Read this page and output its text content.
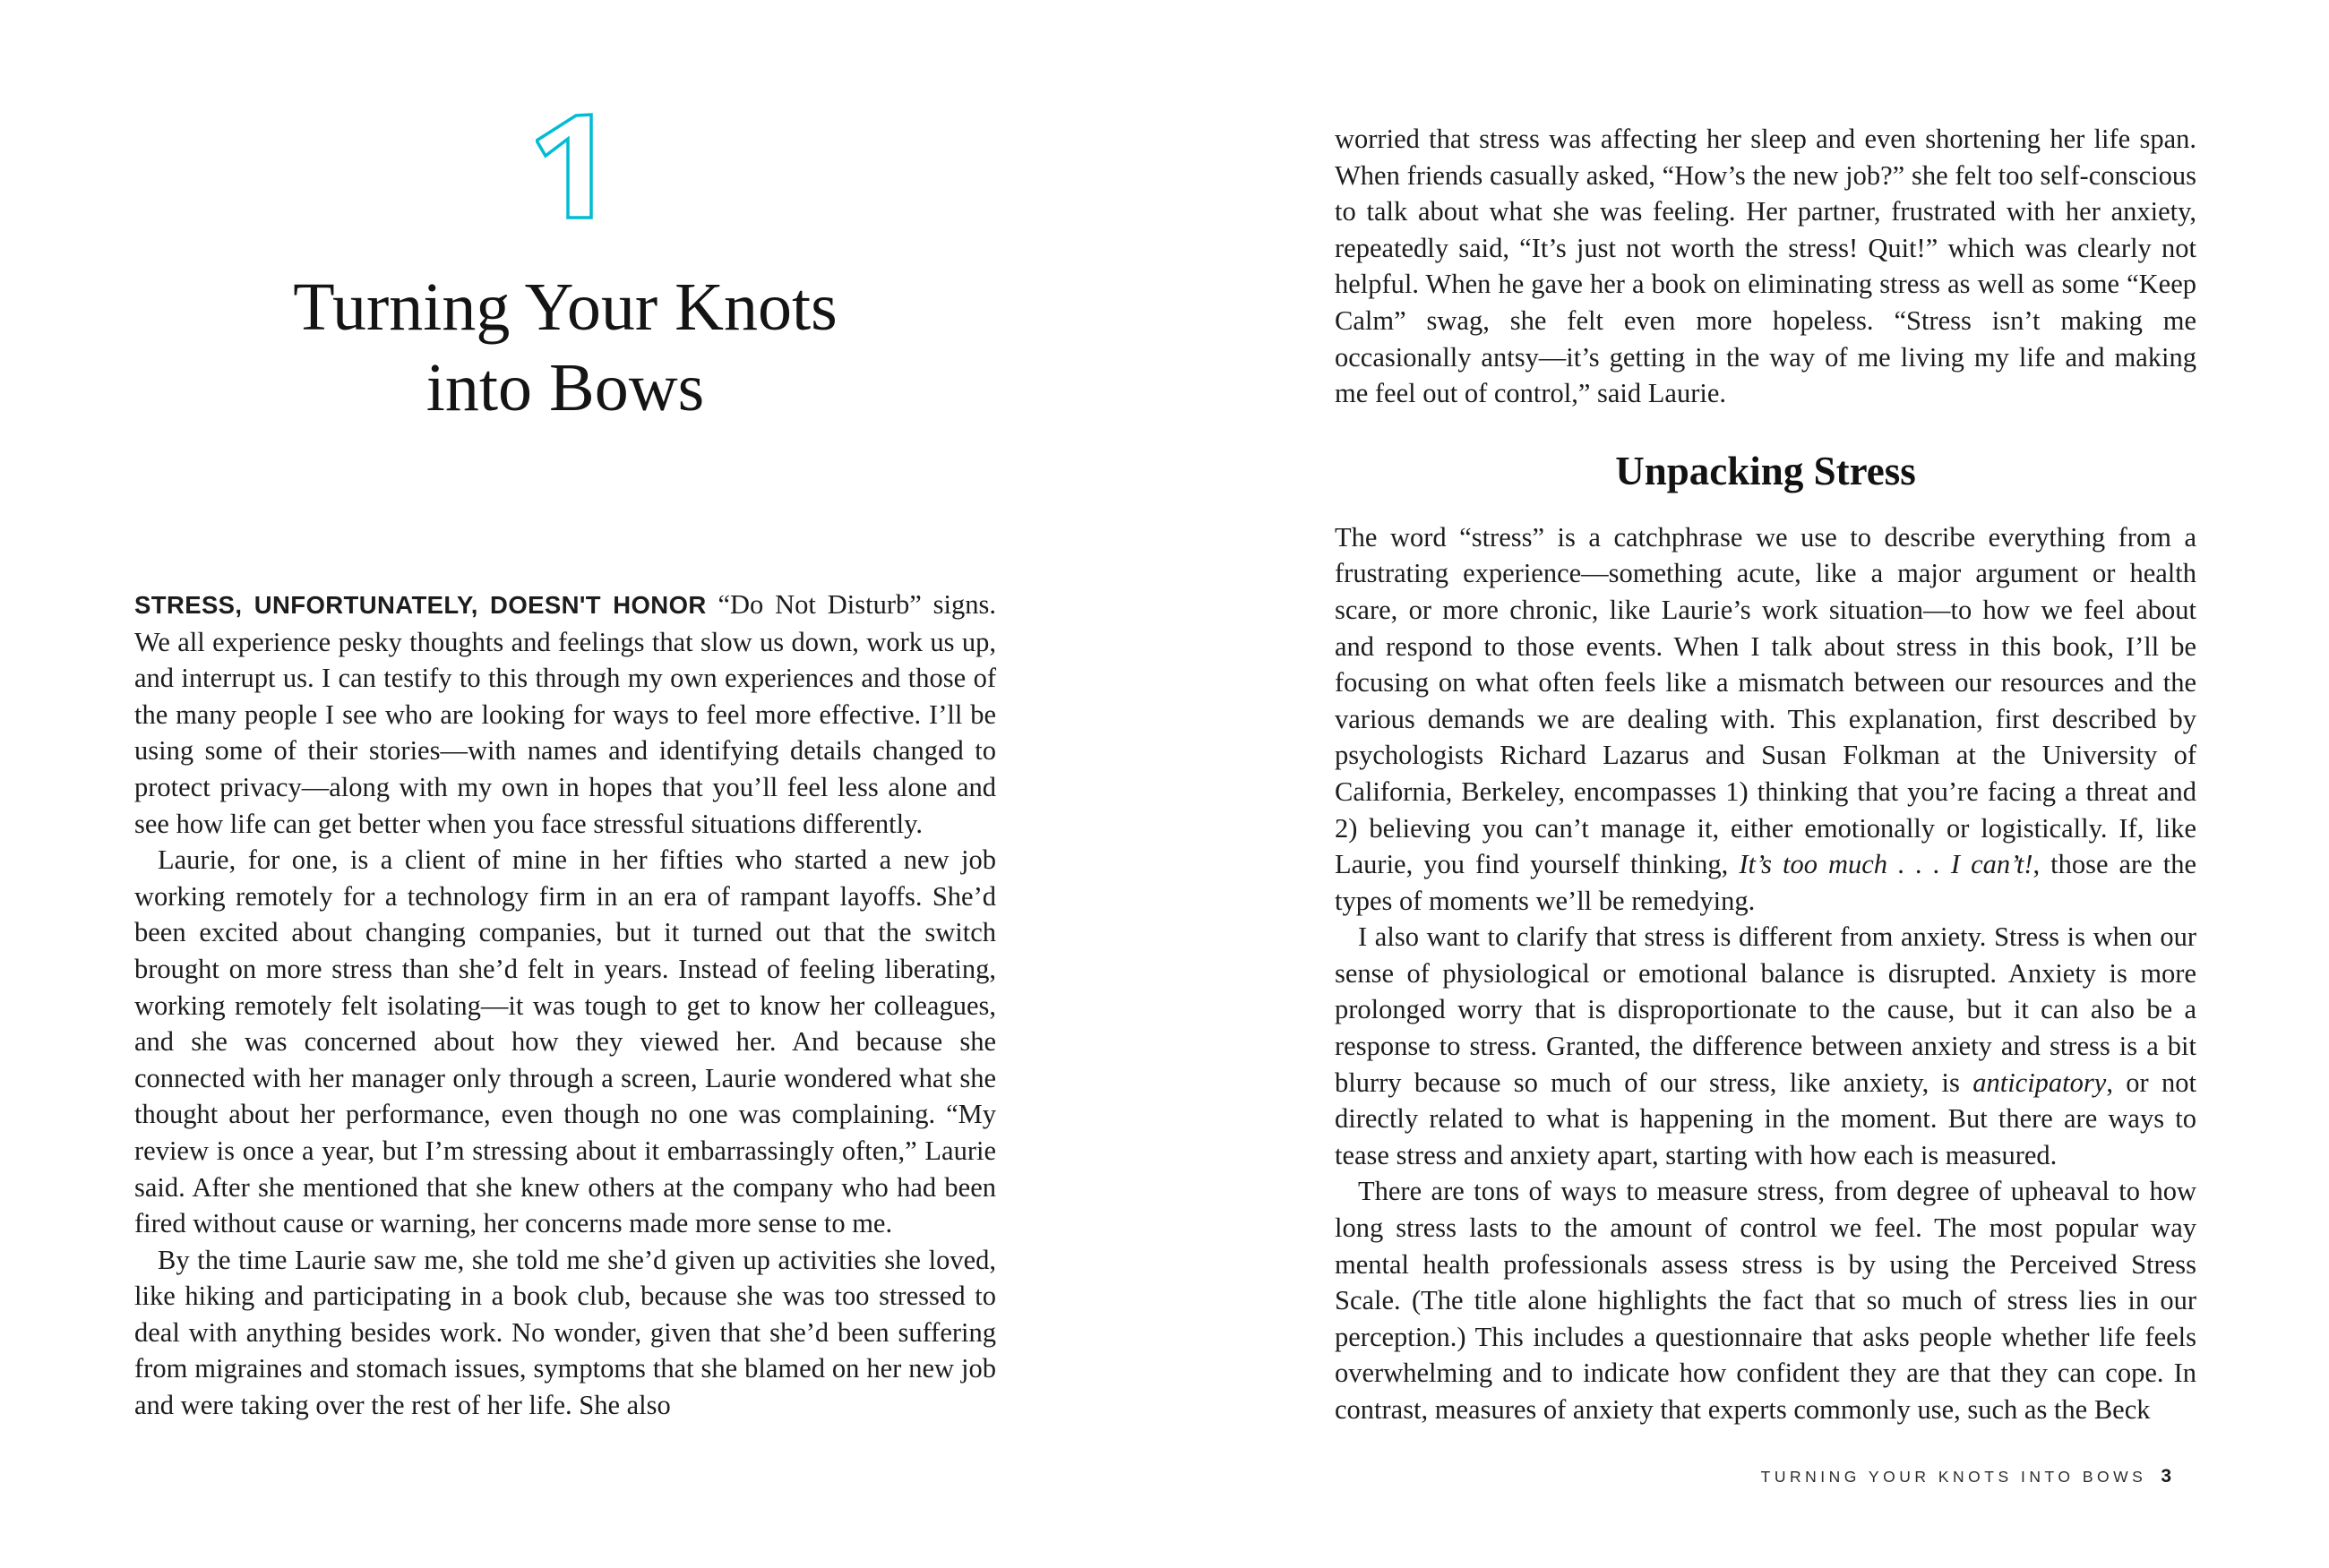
Turning Your Knots
into Bows

STRESS, UNFORTUNATELY, DOESN'T HONOR “Do Not Disturb” signs. We all experience pesky thoughts and feelings that slow us down, work us up, and interrupt us. I can testify to this through my own experiences and those of the many people I see who are looking for ways to feel more effective. I’ll be using some of their stories—with names and identifying details changed to protect privacy—along with my own in hopes that you’ll feel less alone and see how life can get better when you face stressful situations differently.

Laurie, for one, is a client of mine in her fifties who started a new job working remotely for a technology firm in an era of rampant layoffs. She’d been excited about changing companies, but it turned out that the switch brought on more stress than she’d felt in years. Instead of feeling liberating, working remotely felt isolating—it was tough to get to know her colleagues, and she was concerned about how they viewed her. And because she connected with her manager only through a screen, Laurie wondered what she thought about her performance, even though no one was complaining. “My review is once a year, but I’m stressing about it embarrassingly often,” Laurie said. After she mentioned that she knew others at the company who had been fired without cause or warning, her concerns made more sense to me.

By the time Laurie saw me, she told me she’d given up activities she loved, like hiking and participating in a book club, because she was too stressed to deal with anything besides work. No wonder, given that she’d been suffering from migraines and stomach issues, symptoms that she blamed on her new job and were taking over the rest of her life. She also

worried that stress was affecting her sleep and even shortening her life span. When friends casually asked, “How’s the new job?” she felt too self-conscious to talk about what she was feeling. Her partner, frustrated with her anxiety, repeatedly said, “It’s just not worth the stress! Quit!” which was clearly not helpful. When he gave her a book on eliminating stress as well as some “Keep Calm” swag, she felt even more hopeless. “Stress isn’t making me occasionally antsy—it’s getting in the way of me living my life and making me feel out of control,” said Laurie.

Unpacking Stress

The word “stress” is a catchphrase we use to describe everything from a frustrating experience—something acute, like a major argument or health scare, or more chronic, like Laurie’s work situation—to how we feel about and respond to those events. When I talk about stress in this book, I’ll be focusing on what often feels like a mismatch between our resources and the various demands we are dealing with. This explanation, first described by psychologists Richard Lazarus and Susan Folkman at the University of California, Berkeley, encompasses 1) thinking that you’re facing a threat and 2) believing you can’t manage it, either emotionally or logistically. If, like Laurie, you find yourself thinking, It’s too much . . . I can’t!, those are the types of moments we’ll be remedying.

I also want to clarify that stress is different from anxiety. Stress is when our sense of physiological or emotional balance is disrupted. Anxiety is more prolonged worry that is disproportionate to the cause, but it can also be a response to stress. Granted, the difference between anxiety and stress is a bit blurry because so much of our stress, like anxiety, is anticipatory, or not directly related to what is happening in the moment. But there are ways to tease stress and anxiety apart, starting with how each is measured.

There are tons of ways to measure stress, from degree of upheaval to how long stress lasts to the amount of control we feel. The most popular way mental health professionals assess stress is by using the Perceived Stress Scale. (The title alone highlights the fact that so much of stress lies in our perception.) This includes a questionnaire that asks people whether life feels overwhelming and to indicate how confident they are that they can cope. In contrast, measures of anxiety that experts commonly use, such as the Beck

TURNING YOUR KNOTS INTO BOWS 3
